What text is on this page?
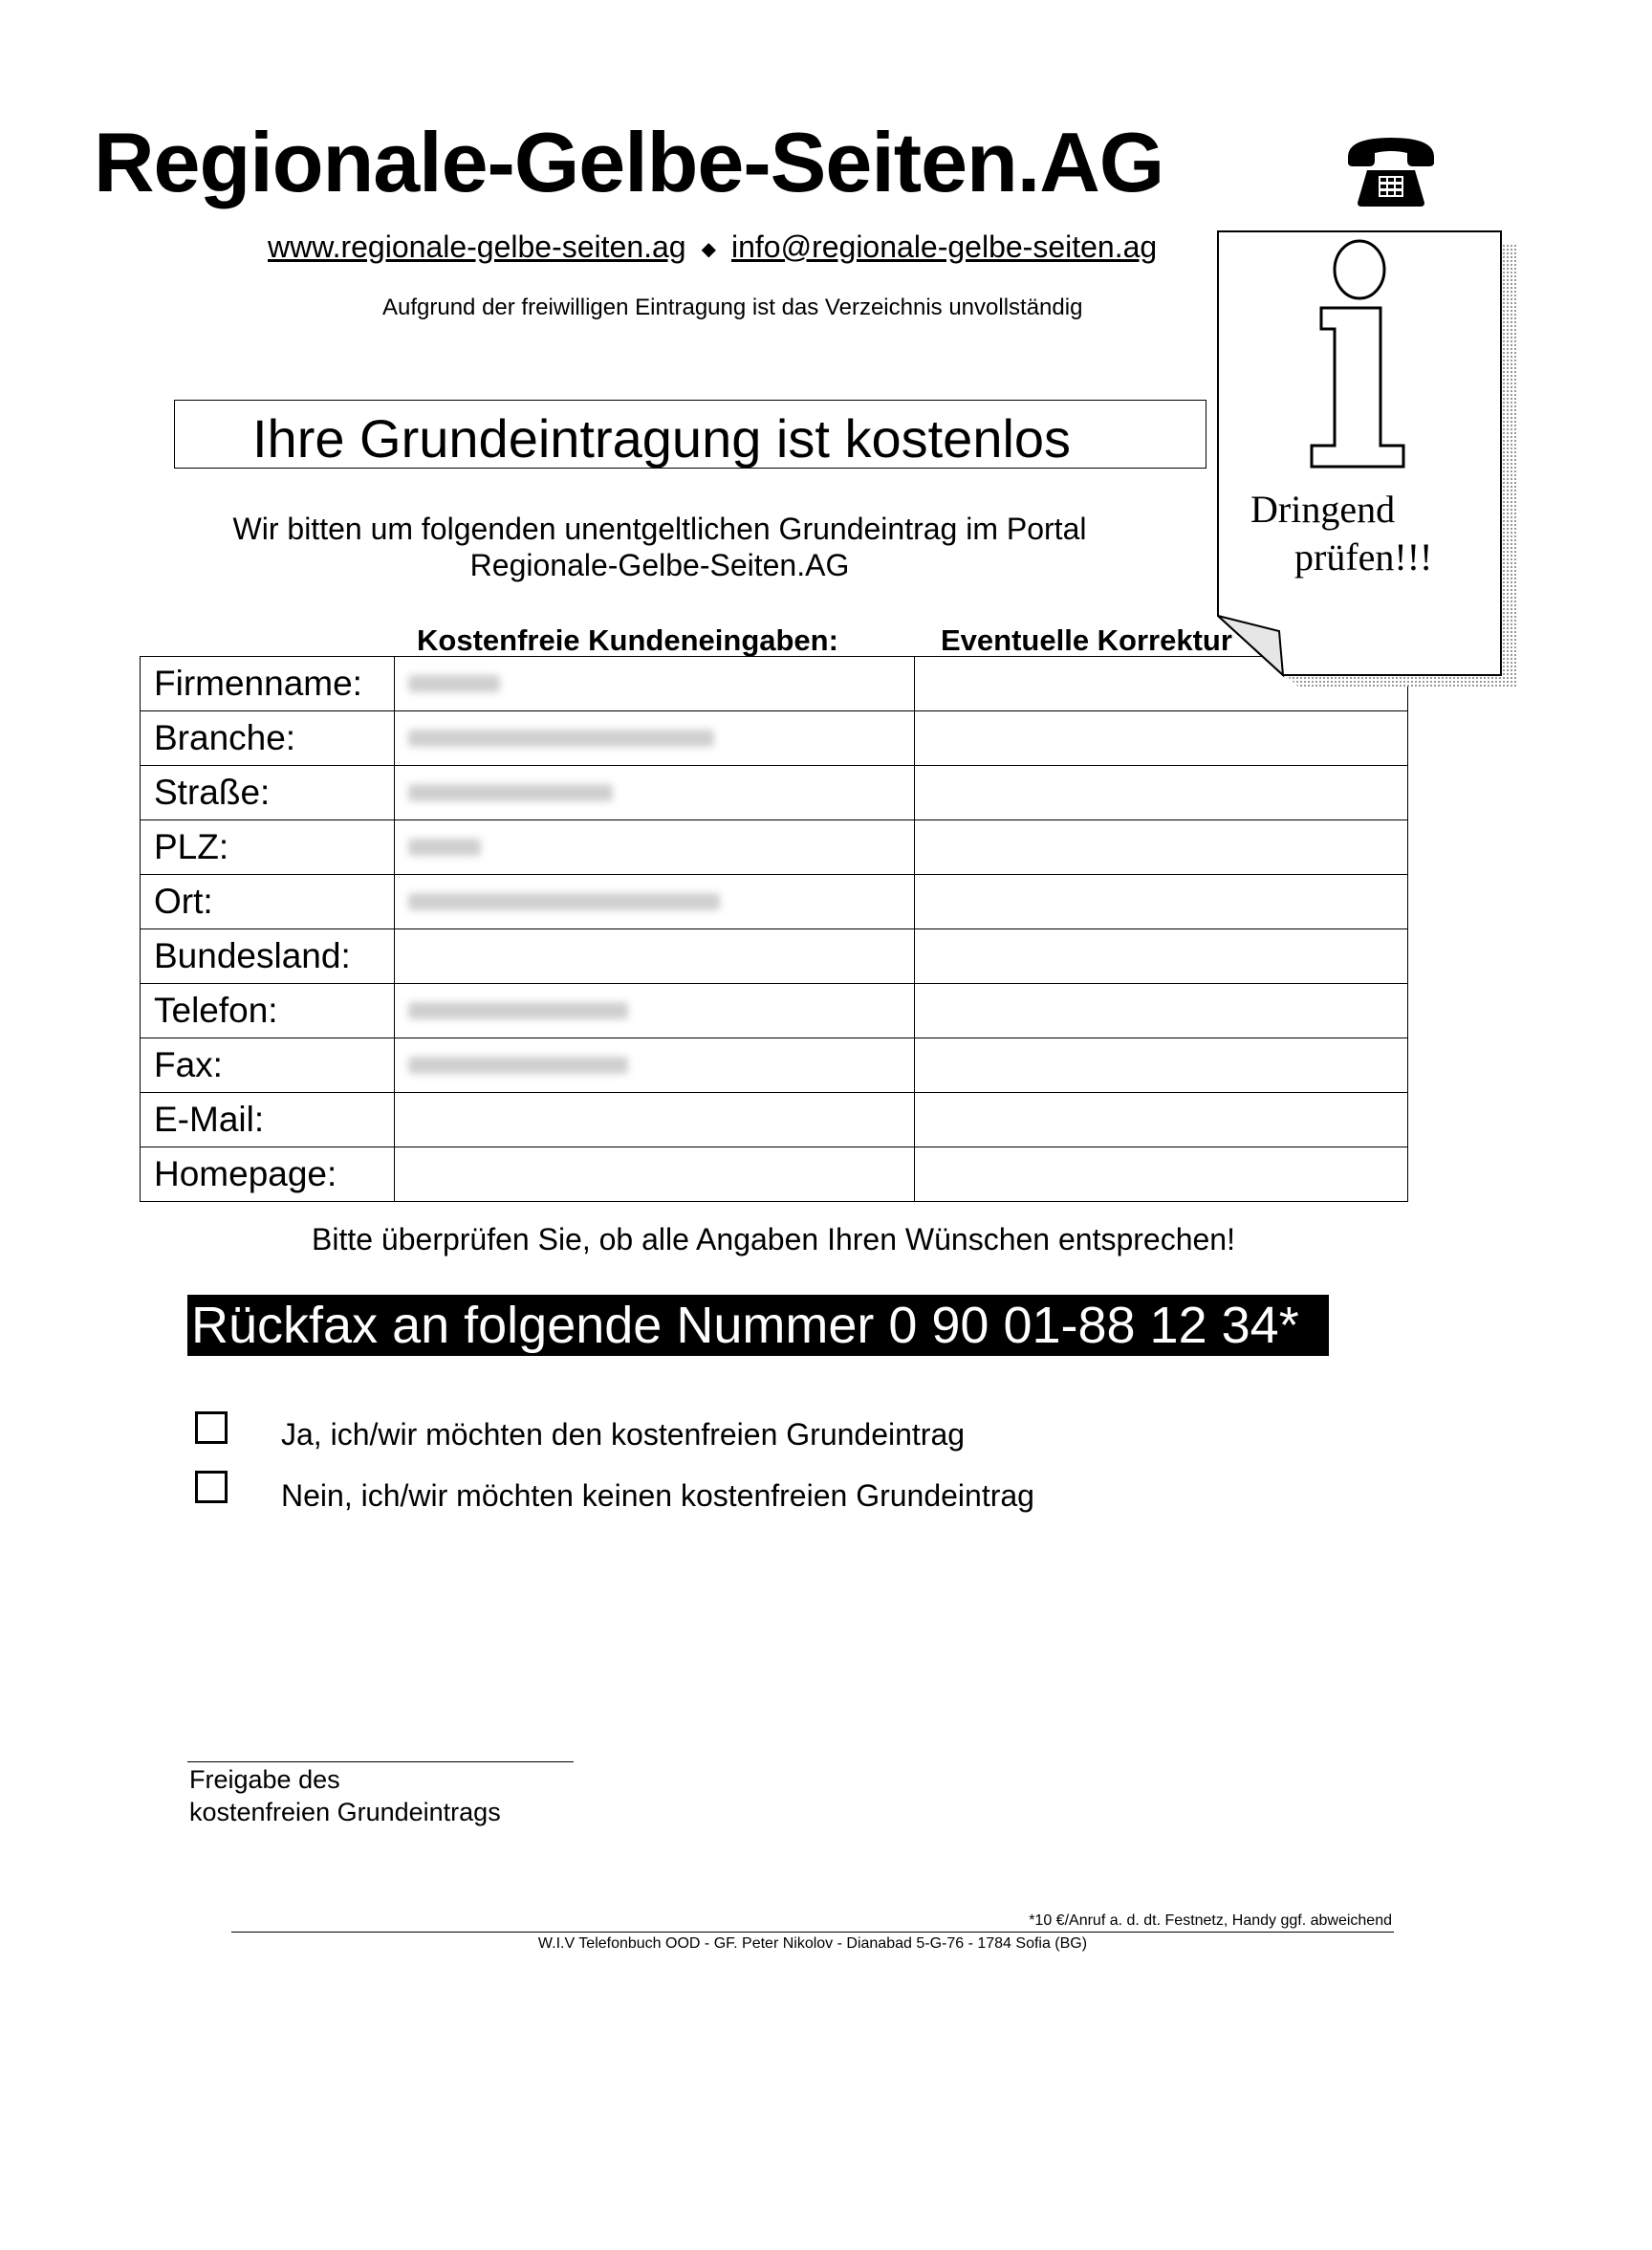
Regionale-Gelbe-Seiten.AG
www.regionale-gelbe-seiten.ag ◆ info@regionale-gelbe-seiten.ag
Aufgrund der freiwilligen Eintragung ist das Verzeichnis unvollständig
Ihre Grundeintragung ist kostenlos
Wir bitten um folgenden unentgeltlichen Grundeintrag im Portal
Regionale-Gelbe-Seiten.AG
Kostenfreie Kundeneingaben:	Eventuelle Korrektur
Firmenname:		
Branche:		
Straße:		
PLZ:		
Ort:		
Bundesland:		
Telefon:		
Fax:		
E-Mail:		
Homepage:		
Dringend
prüfen!!!
Bitte überprüfen Sie, ob alle Angaben Ihren Wünschen entsprechen!
Rückfax an folgende Nummer 0 90 01-88 12 34*
Ja, ich/wir möchten den kostenfreien Grundeintrag
Nein, ich/wir möchten keinen kostenfreien Grundeintrag
Freigabe des
kostenfreien Grundeintrags
*10 €/Anruf a. d. dt. Festnetz, Handy ggf. abweichend
W.I.V Telefonbuch OOD - GF. Peter Nikolov - Dianabad 5-G-76 - 1784 Sofia (BG)
